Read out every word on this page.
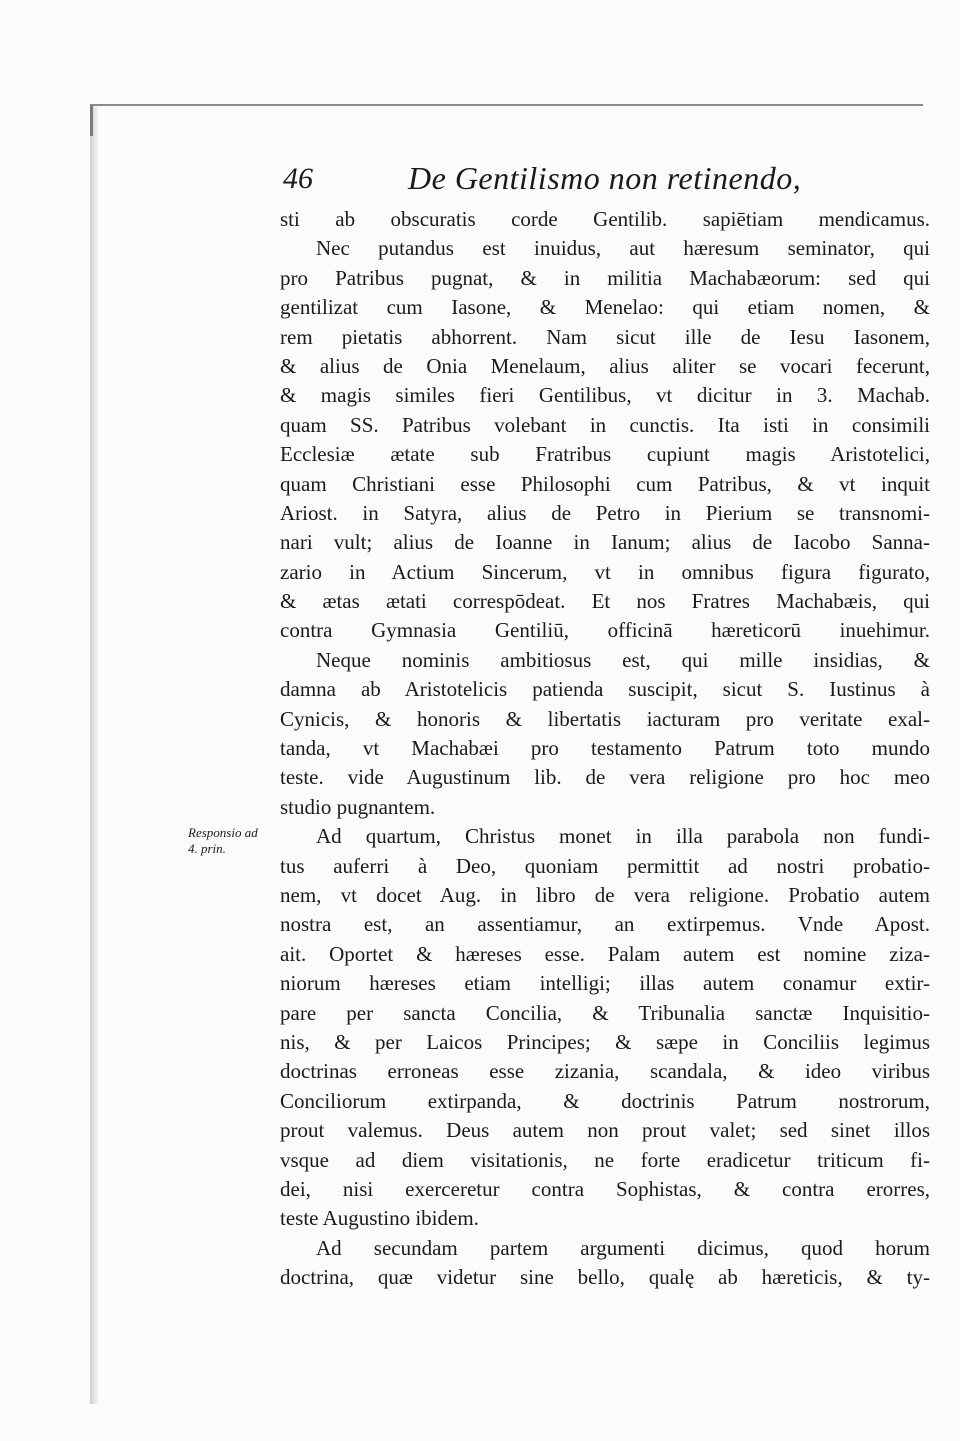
46	De Gentilismo non retinendo,
Responsio ad
4. prin.
sti ab obscuratis corde Gentilib. sapiētiam mendicamus.
Nec putandus est inuidus, aut hæresum seminator, qui
pro Patribus pugnat, & in militia Machabæorum: sed qui
gentilizat cum Iasone, & Menelao: qui etiam nomen, &
rem pietatis abhorrent. Nam sicut ille de Iesu Iasonem,
& alius de Onia Menelaum, alius aliter se vocari fecerunt,
& magis similes fieri Gentilibus, vt dicitur in 3. Machab.
quam SS. Patribus volebant in cunctis. Ita isti in consimili
Ecclesiæ ætate sub Fratribus cupiunt magis Aristotelici,
quam Christiani esse Philosophi cum Patribus, & vt inquit
Ariost. in Satyra, alius de Petro in Pierium se transnomi-
nari vult; alius de Ioanne in Ianum; alius de Iacobo Sanna-
zario in Actium Sincerum, vt in omnibus figura figurato,
& ætas ætati correspōdeat. Et nos Fratres Machabæis, qui
contra Gymnasia Gentiliū, officinā hæreticorū inuehimur.
Neque nominis ambitiosus est, qui mille insidias, &
damna ab Aristotelicis patienda suscipit, sicut S. Iustinus à
Cynicis, & honoris & libertatis iacturam pro veritate exal-
tanda, vt Machabæi pro testamento Patrum toto mundo
teste. vide Augustinum lib. de vera religione pro hoc meo
studio pugnantem.
Ad quartum, Christus monet in illa parabola non fundi-
tus auferri à Deo, quoniam permittit ad nostri probatio-
nem, vt docet Aug. in libro de vera religione. Probatio autem
nostra est, an assentiamur, an extirpemus. Vnde Apost.
ait. Oportet & hæreses esse. Palam autem est nomine ziza-
niorum hæreses etiam intelligi; illas autem conamur extir-
pare per sancta Concilia, & Tribunalia sanctæ Inquisitio-
nis, & per Laicos Principes; & sæpe in Conciliis legimus
doctrinas erroneas esse zizania, scandala, & ideo viribus
Conciliorum extirpanda, & doctrinis Patrum nostrorum,
prout valemus. Deus autem non prout valet; sed sinet illos
vsque ad diem visitationis, ne forte eradicetur triticum fi-
dei, nisi exerceretur contra Sophistas, & contra erorres,
teste Augustino ibidem.
Ad secundam partem argumenti dicimus, quod horum
doctrina, quæ videtur sine bello, qualę ab hæreticis, & ty-
